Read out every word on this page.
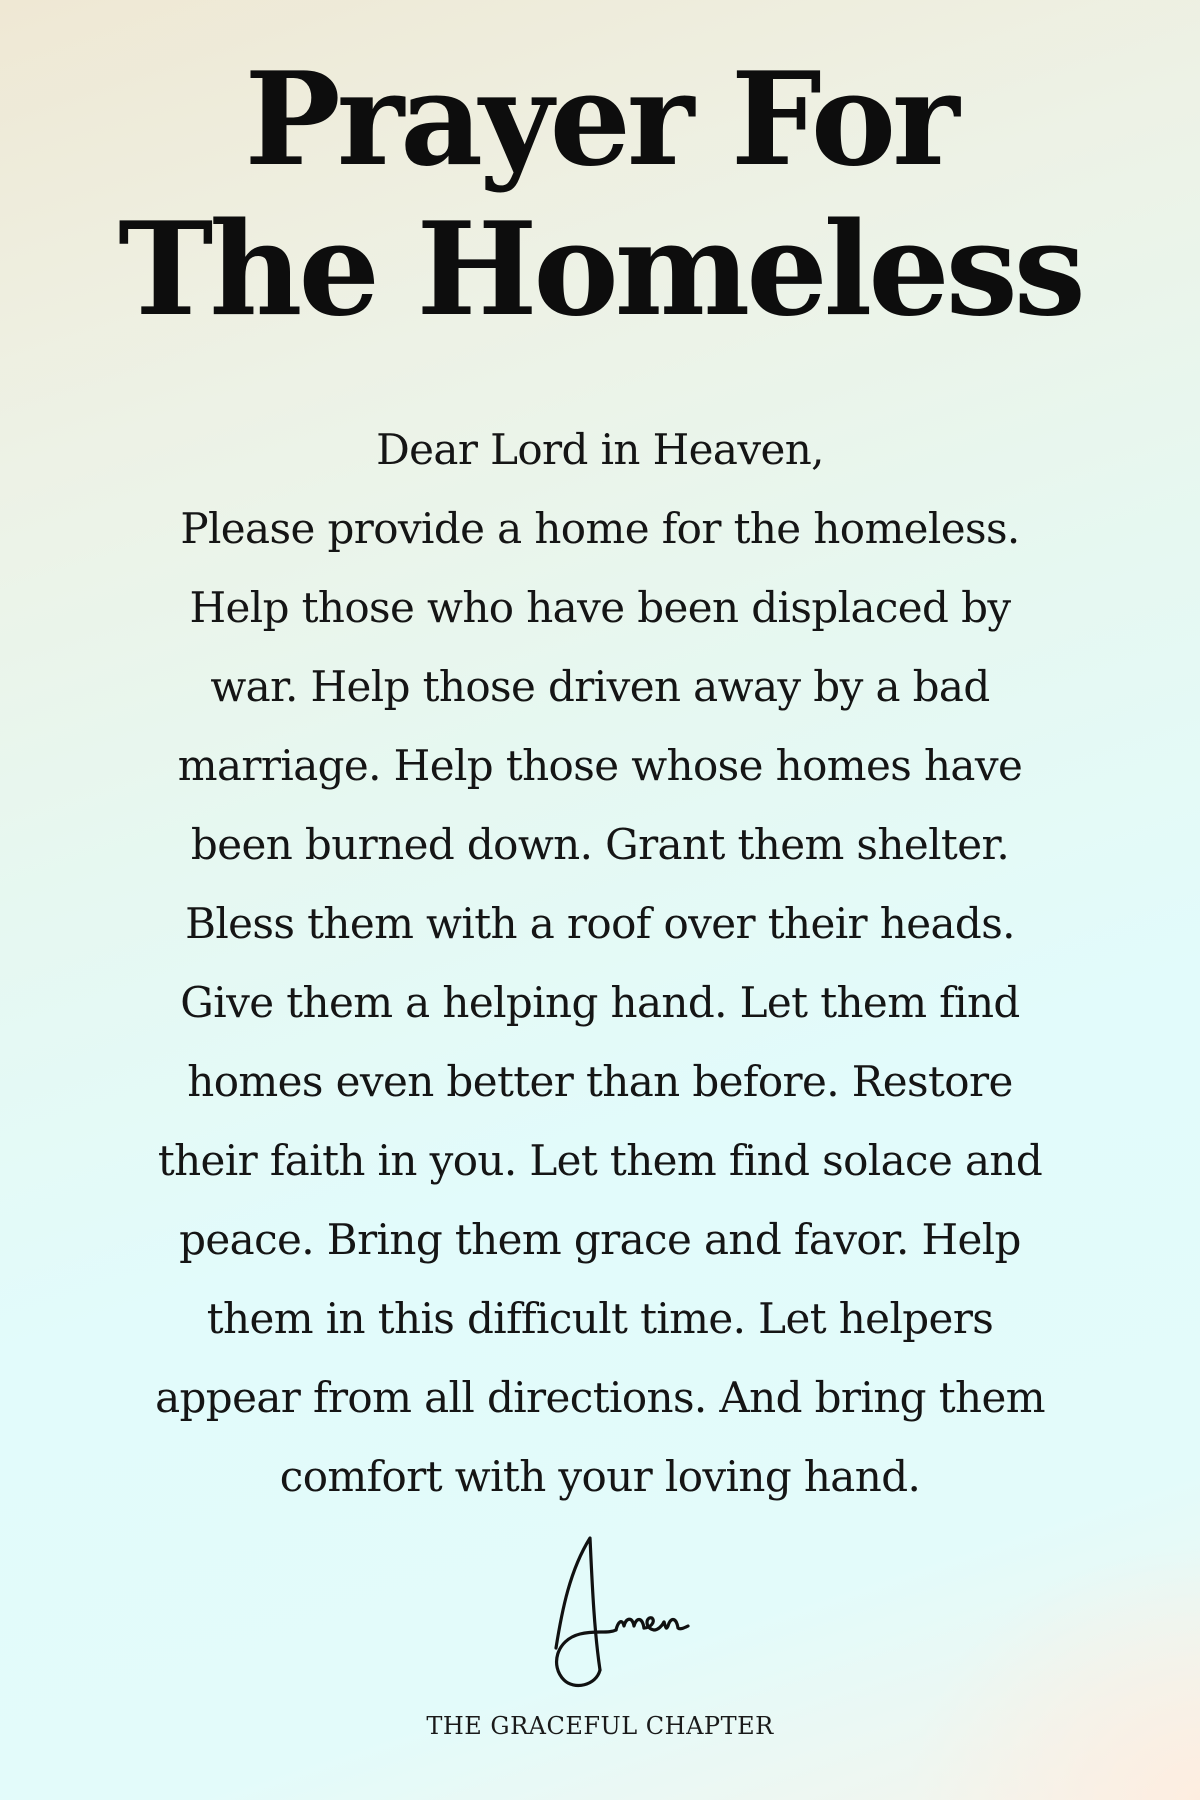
Prayer For
The Homeless
Dear Lord in Heaven,
Please provide a home for the homeless.
Help those who have been displaced by
war. Help those driven away by a bad
marriage. Help those whose homes have
been burned down. Grant them shelter.
Bless them with a roof over their heads.
Give them a helping hand. Let them find
homes even better than before. Restore
their faith in you. Let them find solace and
peace. Bring them grace and favor. Help
them in this difficult time. Let helpers
appear from all directions. And bring them
comfort with your loving hand.
THE GRACEFUL CHAPTER
